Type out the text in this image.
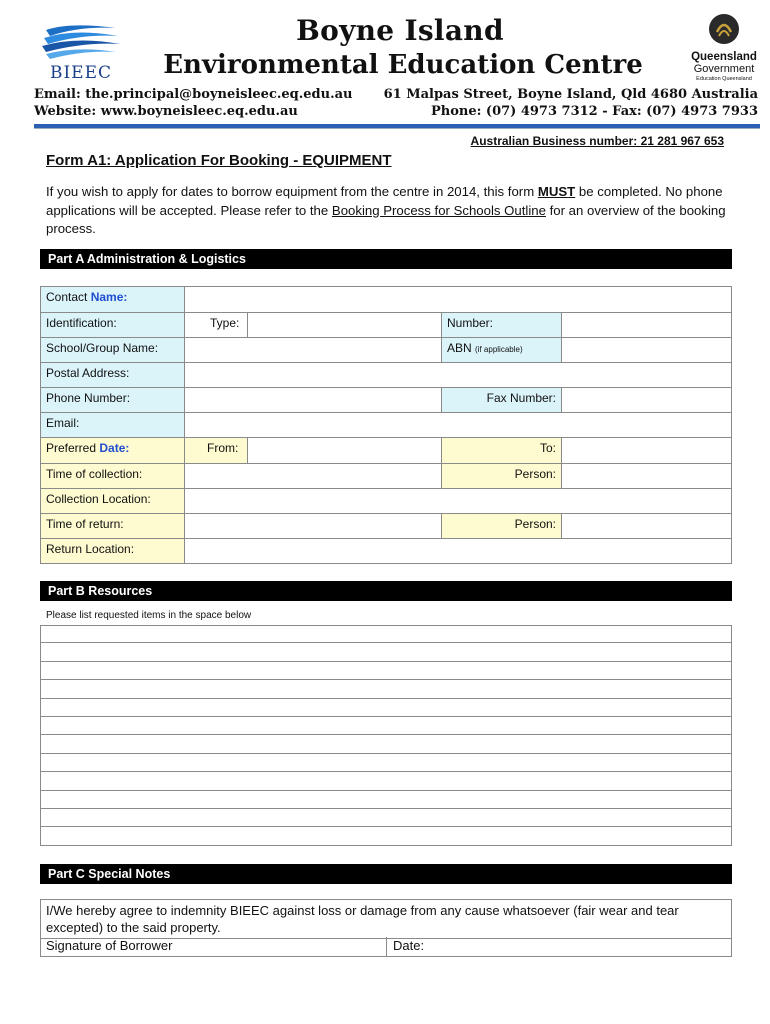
BIEEC
Boyne Island
Environmental Education Centre	Queensland
Government
Education Queensland
Email: the.principal@boyneisleec.eq.edu.au
Website: www.boyneisleec.eq.edu.au
61 Malpas Street, Boyne Island, Qld 4680 Australia
Phone: (07) 4973 7312 - Fax: (07) 4973 7933
Australian Business number: 21 281 967 653
Form A1: Application For Booking - EQUIPMENT
If you wish to apply for dates to borrow equipment from the centre in 2014, this form MUST be completed. No phone applications will be accepted. Please refer to the Booking Process for Schools Outline for an overview of the booking process.
Part A Administration & Logistics
Contact Name:
Identification:	Type:	Number:
School/Group Name:	ABN (if applicable)
Postal Address:
Phone Number:	Fax Number:
Email:
Preferred Date:	From:	To:
Time of collection:	Person:
Collection Location:
Time of return:	Person:
Return Location:
Part B Resources
Please list requested items in the space below
Part C Special Notes
I/We hereby agree to indemnity BIEEC against loss or damage from any cause whatsoever (fair wear and tear excepted) to the said property.
Signature of Borrower	Date:
